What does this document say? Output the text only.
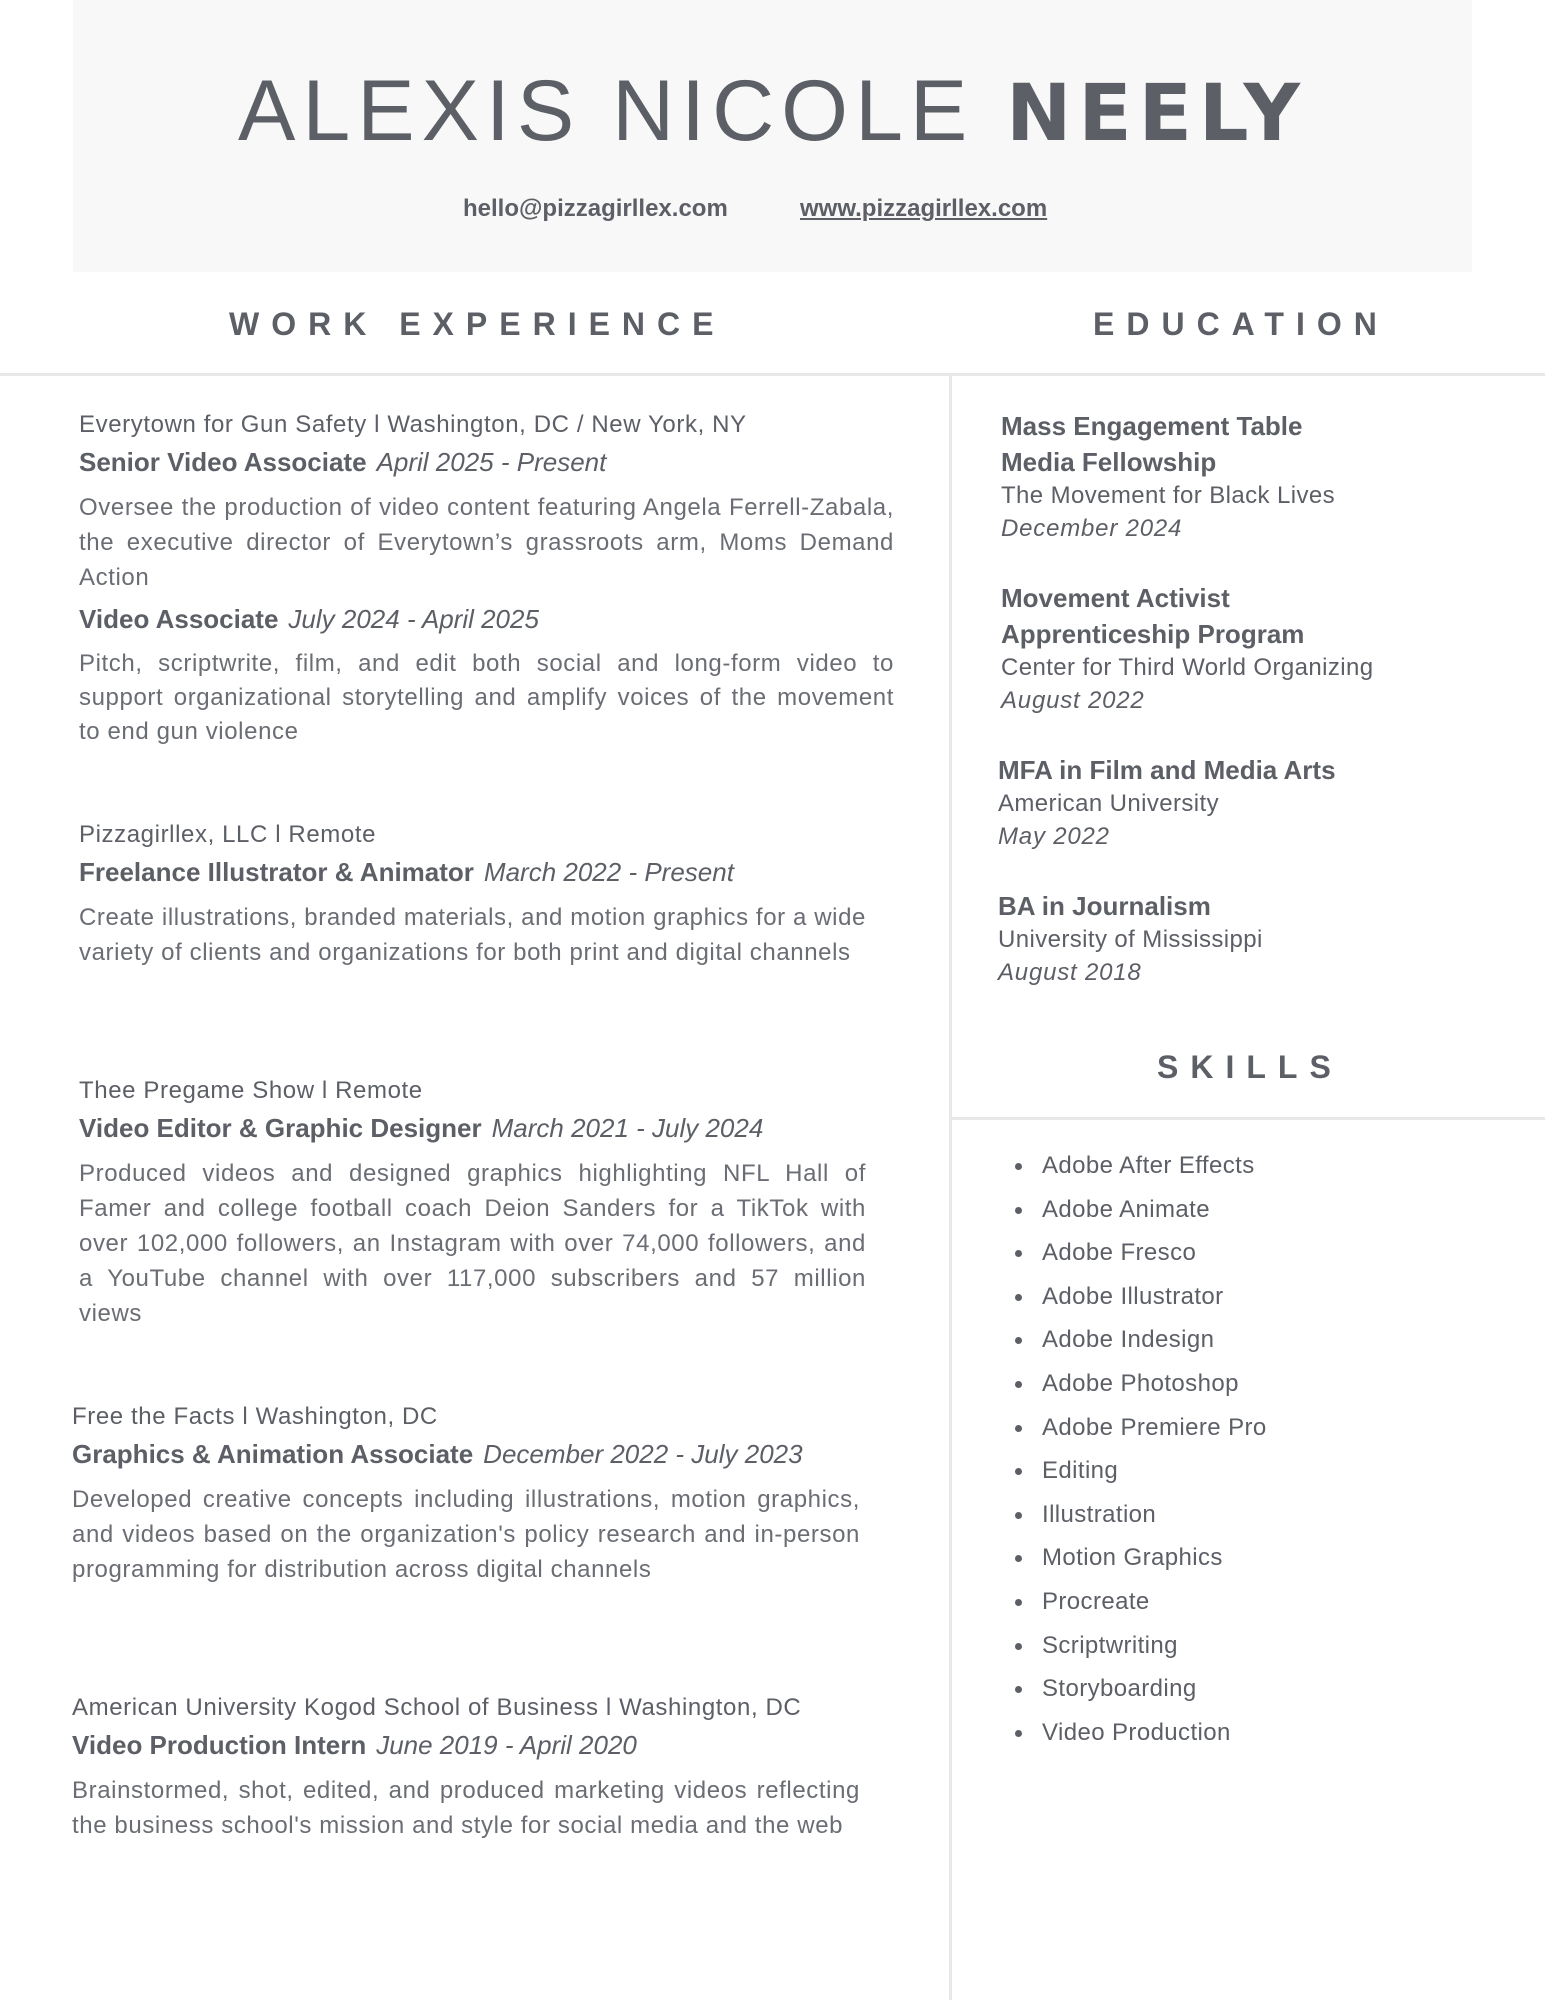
ALEXIS NICOLE NEELY
hello@pizzagirllex.com	www.pizzagirllex.com
WORK EXPERIENCE	EDUCATION
Everytown for Gun Safety l Washington, DC / New York, NY
Senior Video Associate April 2025 - Present
Oversee the production of video content featuring Angela Ferrell-Zabala, the executive director of Everytown’s grassroots arm, Moms Demand Action
Video Associate July 2024 - April 2025
Pitch, scriptwrite, film, and edit both social and long-form video to support organizational storytelling and amplify voices of the movement to end gun violence
Pizzagirllex, LLC l Remote
Freelance Illustrator & Animator March 2022 - Present
Create illustrations, branded materials, and motion graphics for a wide variety of clients and organizations for both print and digital channels
Thee Pregame Show l Remote
Video Editor & Graphic Designer March 2021 - July 2024
Produced videos and designed graphics highlighting NFL Hall of Famer and college football coach Deion Sanders for a TikTok with over 102,000 followers, an Instagram with over 74,000 followers, and a YouTube channel with over 117,000 subscribers and 57 million views
Free the Facts l Washington, DC
Graphics & Animation Associate December 2022 - July 2023
Developed creative concepts including illustrations, motion graphics, and videos based on the organization's policy research and in-person programming for distribution across digital channels
American University Kogod School of Business l Washington, DC
Video Production Intern June 2019 - April 2020
Brainstormed, shot, edited, and produced marketing videos reflecting the business school's mission and style for social media and the web
Mass Engagement Table
Media Fellowship
The Movement for Black Lives
December 2024
Movement Activist
Apprenticeship Program
Center for Third World Organizing
August 2022
MFA in Film and Media Arts
American University
May 2022
BA in Journalism
University of Mississippi
August 2018
SKILLS
Adobe After Effects
Adobe Animate
Adobe Fresco
Adobe Illustrator
Adobe Indesign
Adobe Photoshop
Adobe Premiere Pro
Editing
Illustration
Motion Graphics
Procreate
Scriptwriting
Storyboarding
Video Production
